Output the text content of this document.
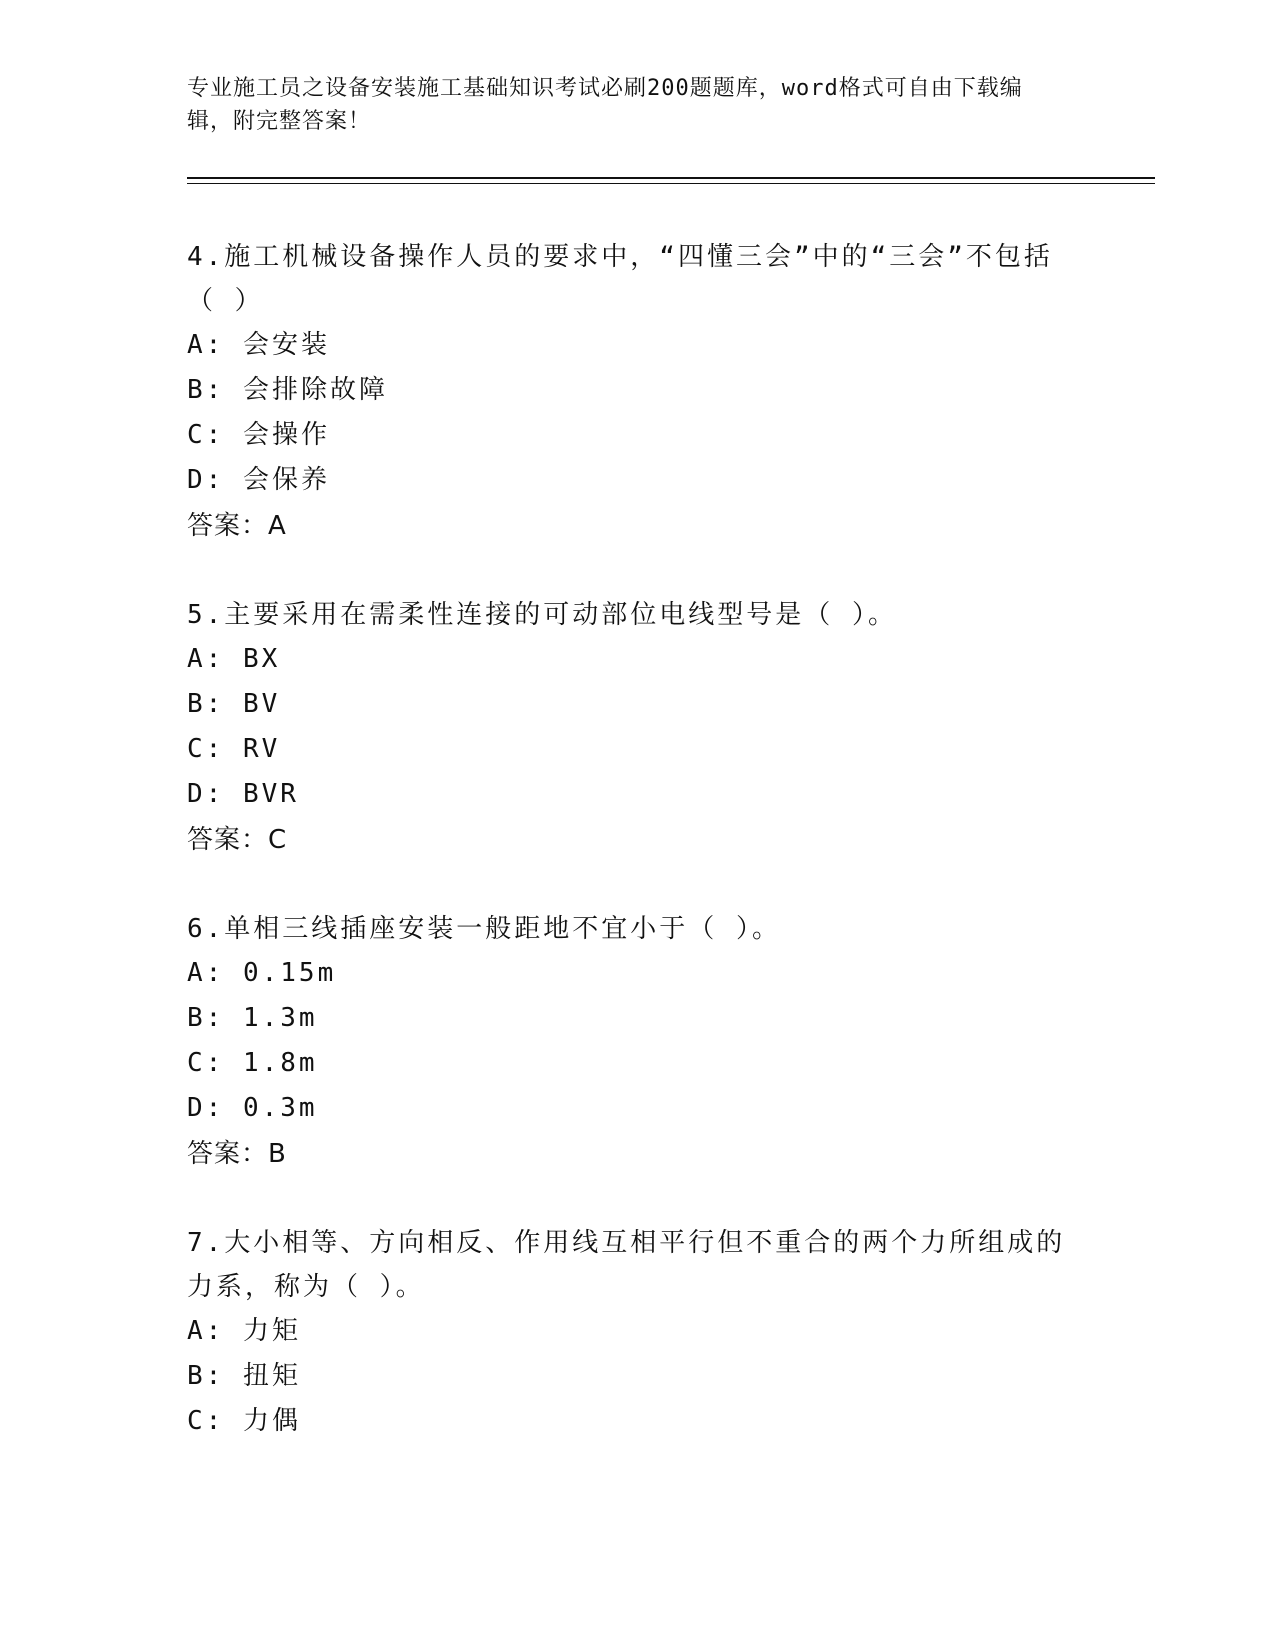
专业施工员之设备安装施工基础知识考试必刷200题题库，word格式可自由下载编辑，附完整答案！
4.施工机械设备操作人员的要求中，“四懂三会”中的“三会”不包括（ ）
A: 会安装
B: 会排除故障
C: 会操作
D: 会保养
答案：A
5.主要采用在需柔性连接的可动部位电线型号是（ ）。
A: BX
B: BV
C: RV
D: BVR
答案：C
6.单相三线插座安装一般距地不宜小于（ ）。
A: 0.15m
B: 1.3m
C: 1.8m
D: 0.3m
答案：B
7.大小相等、方向相反、作用线互相平行但不重合的两个力所组成的力系，称为（ ）。
A: 力矩
B: 扭矩
C: 力偶
